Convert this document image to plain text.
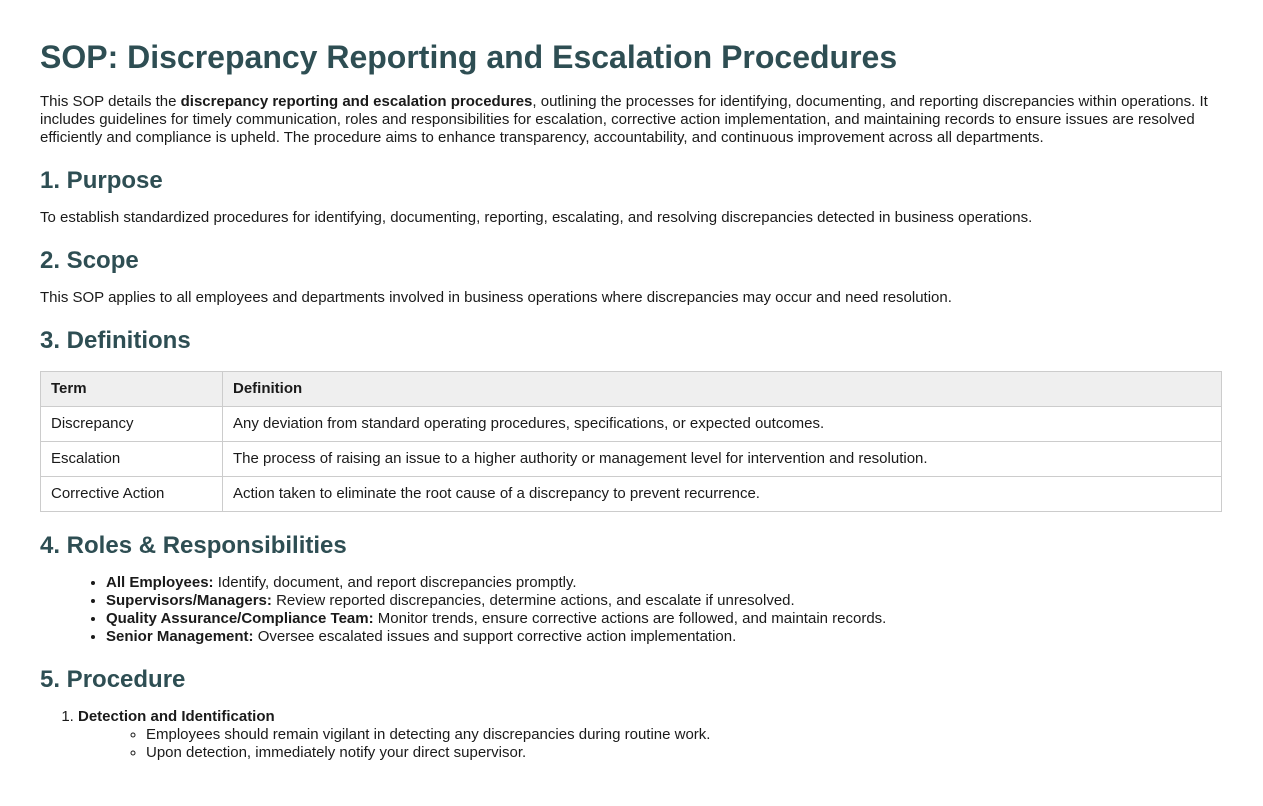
SOP: Discrepancy Reporting and Escalation Procedures

This SOP details the discrepancy reporting and escalation procedures, outlining the processes for identifying, documenting, and reporting discrepancies within operations. It includes guidelines for timely communication, roles and responsibilities for escalation, corrective action implementation, and maintaining records to ensure issues are resolved efficiently and compliance is upheld. The procedure aims to enhance transparency, accountability, and continuous improvement across all departments.

1. Purpose

To establish standardized procedures for identifying, documenting, reporting, escalating, and resolving discrepancies detected in business operations.

2. Scope

This SOP applies to all employees and departments involved in business operations where discrepancies may occur and need resolution.

3. Definitions
Term	Definition
Discrepancy	Any deviation from standard operating procedures, specifications, or expected outcomes.
Escalation	The process of raising an issue to a higher authority or management level for intervention and resolution.
Corrective Action	Action taken to eliminate the root cause of a discrepancy to prevent recurrence.
4. Roles & Responsibilities
• All Employees: Identify, document, and report discrepancies promptly.
• Supervisors/Managers: Review reported discrepancies, determine actions, and escalate if unresolved.
• Quality Assurance/Compliance Team: Monitor trends, ensure corrective actions are followed, and maintain records.
• Senior Management: Oversee escalated issues and support corrective action implementation.
5. Procedure
1. Detection and Identification
◦ Employees should remain vigilant in detecting any discrepancies during routine work.
◦ Upon detection, immediately notify your direct supervisor.
